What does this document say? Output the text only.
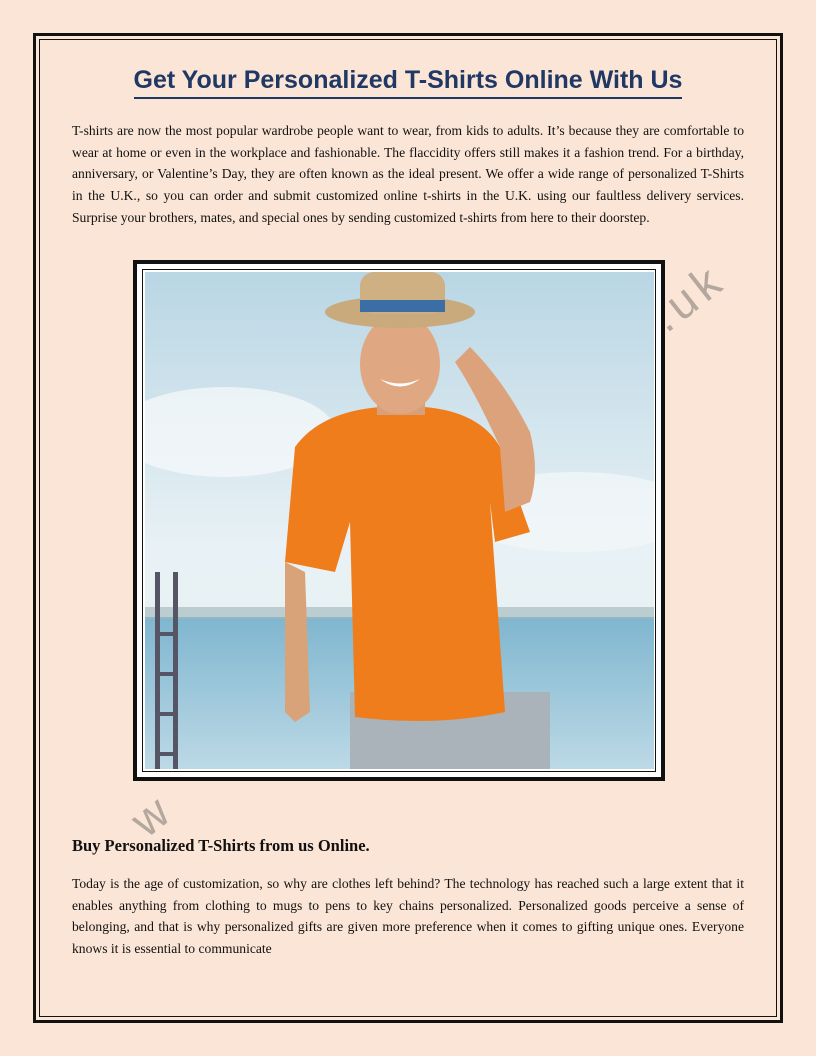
Get Your Personalized T-Shirts Online With Us

T-shirts are now the most popular wardrobe people want to wear, from kids to adults. It’s because they are comfortable to wear at home or even in the workplace and fashionable. The flaccidity offers still makes it a fashion trend. For a birthday, anniversary, or Valentine’s Day, they are often known as the ideal present. We offer a wide range of personalized T-Shirts in the U.K., so you can order and submit customized online t-shirts in the U.K. using our faultless delivery services. Surprise your brothers, mates, and special ones by sending customized t-shirts from here to their doorstep.

w
.uk
Buy Personalized T-Shirts from us Online.

Today is the age of customization, so why are clothes left behind? The technology has reached such a large extent that it enables anything from clothing to mugs to pens to key chains personalized. Personalized goods perceive a sense of belonging, and that is why personalized gifts are given more preference when it comes to gifting unique ones. Everyone knows it is essential to communicate
